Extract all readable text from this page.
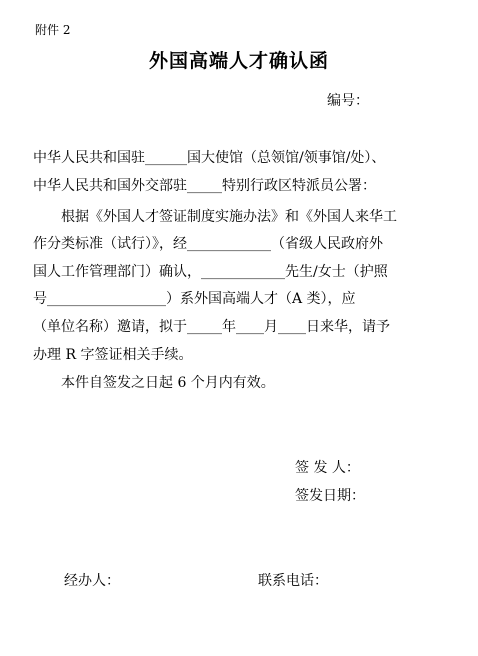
附件 2
外国高端人才确认函
编号：
中华人民共和国驻______国大使馆（总领馆/领事馆/处）、
中华人民共和国外交部驻_____特别行政区特派员公署：
根据《外国人才签证制度实施办法》和《外国人来华工
作分类标准（试行）》，经____________（省级人民政府外
国人工作管理部门）确认，____________先生/女士（护照
号_________________）系外国高端人才（A 类），应
（单位名称）邀请，拟于_____年____月____日来华，请予
办理 R 字签证相关手续。
本件自签发之日起 6 个月内有效。
签 发 人：
签发日期：
经办人：	联系电话：
